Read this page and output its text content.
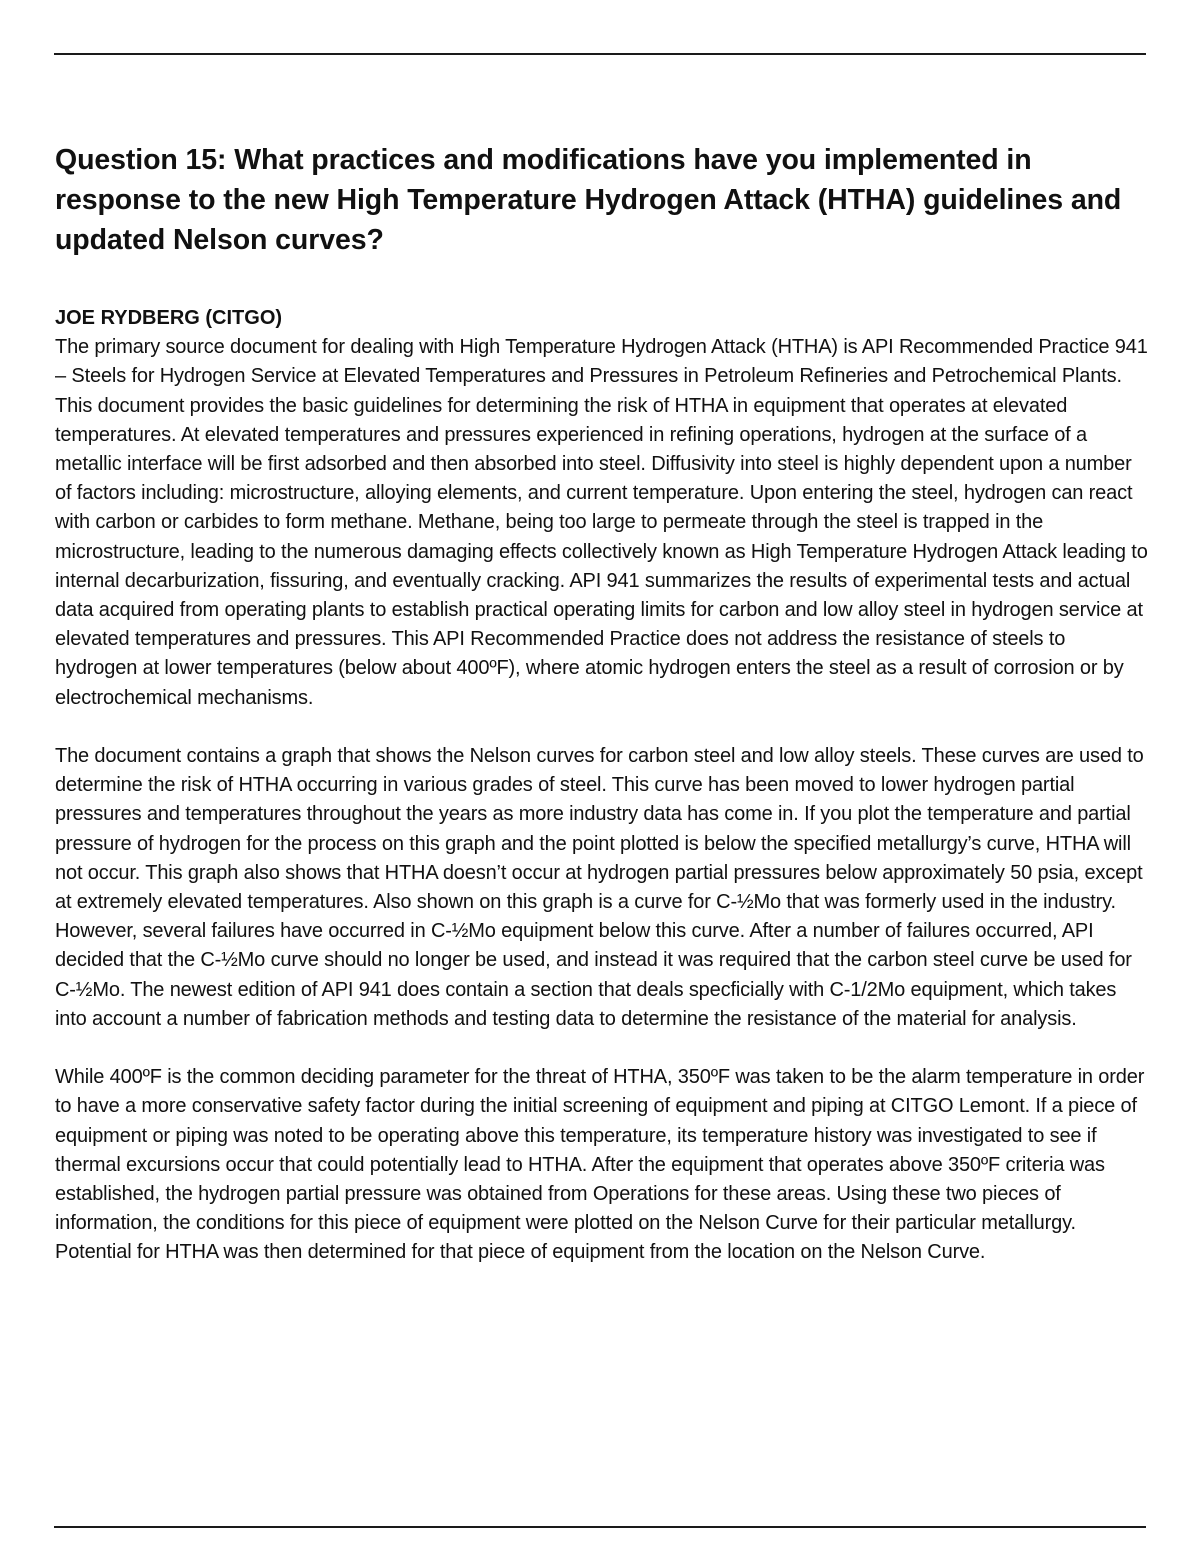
Question 15: What practices and modifications have you implemented in response to the new High Temperature Hydrogen Attack (HTHA) guidelines and updated Nelson curves?
JOE RYDBERG (CITGO)

The primary source document for dealing with High Temperature Hydrogen Attack (HTHA) is API Recommended Practice 941 – Steels for Hydrogen Service at Elevated Temperatures and Pressures in Petroleum Refineries and Petrochemical Plants. This document provides the basic guidelines for determining the risk of HTHA in equipment that operates at elevated temperatures. At elevated temperatures and pressures experienced in refining operations, hydrogen at the surface of a metallic interface will be first adsorbed and then absorbed into steel. Diffusivity into steel is highly dependent upon a number of factors including: microstructure, alloying elements, and current temperature. Upon entering the steel, hydrogen can react with carbon or carbides to form methane. Methane, being too large to permeate through the steel is trapped in the microstructure, leading to the numerous damaging effects collectively known as High Temperature Hydrogen Attack leading to internal decarburization, fissuring, and eventually cracking. API 941 summarizes the results of experimental tests and actual data acquired from operating plants to establish practical operating limits for carbon and low alloy steel in hydrogen service at elevated temperatures and pressures. This API Recommended Practice does not address the resistance of steels to hydrogen at lower temperatures (below about 400ºF), where atomic hydrogen enters the steel as a result of corrosion or by electrochemical mechanisms.

The document contains a graph that shows the Nelson curves for carbon steel and low alloy steels. These curves are used to determine the risk of HTHA occurring in various grades of steel. This curve has been moved to lower hydrogen partial pressures and temperatures throughout the years as more industry data has come in. If you plot the temperature and partial pressure of hydrogen for the process on this graph and the point plotted is below the specified metallurgy’s curve, HTHA will not occur. This graph also shows that HTHA doesn’t occur at hydrogen partial pressures below approximately 50 psia, except at extremely elevated temperatures. Also shown on this graph is a curve for C-½Mo that was formerly used in the industry. However, several failures have occurred in C-½Mo equipment below this curve. After a number of failures occurred, API decided that the C-½Mo curve should no longer be used, and instead it was required that the carbon steel curve be used for C-½Mo. The newest edition of API 941 does contain a section that deals specficially with C-1/2Mo equipment, which takes into account a number of fabrication methods and testing data to determine the resistance of the material for analysis.

While 400ºF is the common deciding parameter for the threat of HTHA, 350ºF was taken to be the alarm temperature in order to have a more conservative safety factor during the initial screening of equipment and piping at CITGO Lemont. If a piece of equipment or piping was noted to be operating above this temperature, its temperature history was investigated to see if thermal excursions occur that could potentially lead to HTHA. After the equipment that operates above 350ºF criteria was established, the hydrogen partial pressure was obtained from Operations for these areas. Using these two pieces of information, the conditions for this piece of equipment were plotted on the Nelson Curve for their particular metallurgy. Potential for HTHA was then determined for that piece of equipment from the location on the Nelson Curve.
